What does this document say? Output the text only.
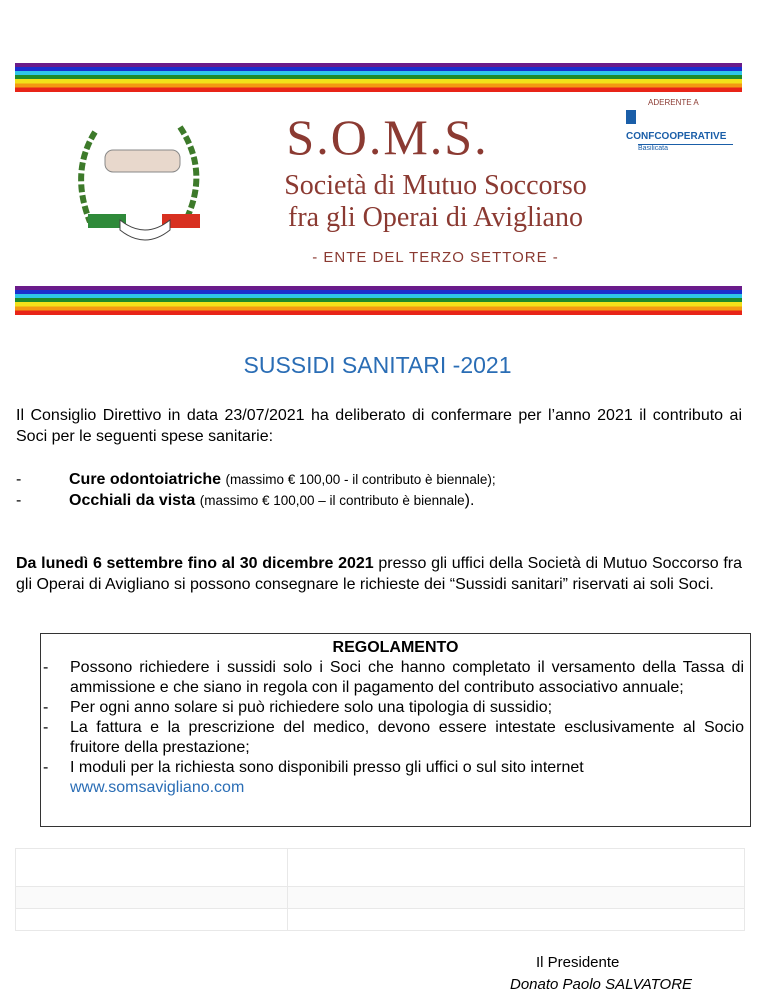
ADERENTE A
CONFCOOPERATIVE
Basilicata
S.O.M.S.
Società di Mutuo Soccorso
fra gli Operai di Avigliano
- ENTE DEL TERZO SETTORE -
SUSSIDI SANITARI -2021
Il Consiglio Direttivo in data 23/07/2021 ha deliberato di confermare per l’anno 2021 il contributo ai Soci per le seguenti spese sanitarie:
-	Cure odontoiatriche (massimo € 100,00 - il contributo è biennale);
-	Occhiali da vista (massimo € 100,00 – il contributo è biennale).
Da lunedì 6 settembre fino al 30 dicembre 2021 presso gli uffici della Società di Mutuo Soccorso fra gli Operai di Avigliano si possono consegnare le richieste dei “Sussidi sanitari” riservati ai soli Soci.
REGOLAMENTO
- Possono richiedere i sussidi solo i Soci che hanno completato il versamento della Tassa di ammissione e che siano in regola con il pagamento del contributo associativo annuale;
- Per ogni anno solare si può richiedere solo una tipologia di sussidio;
- La fattura e la prescrizione del medico, devono essere intestate esclusivamente al Socio fruitore della prestazione;
- I moduli per la richiesta sono disponibili presso gli uffici o sul sito internet
www.somsavigliano.com

Il Presidente
Donato Paolo SALVATORE
